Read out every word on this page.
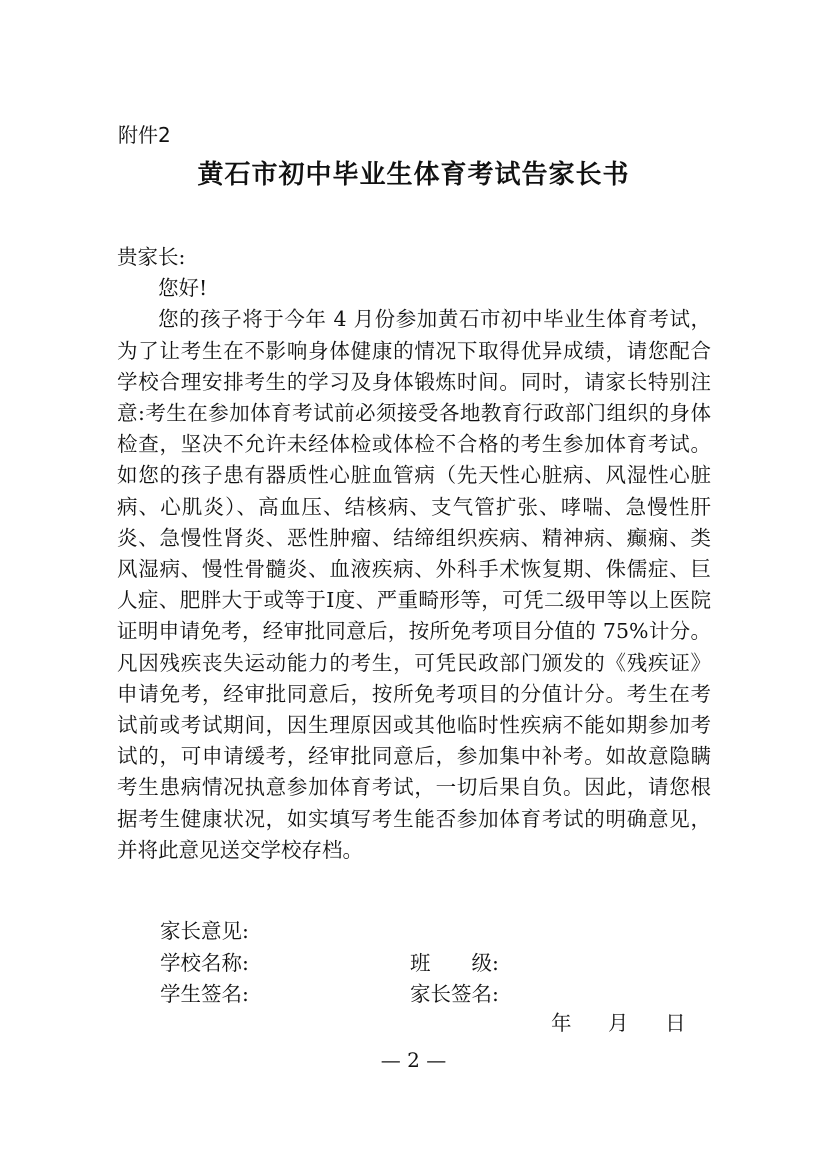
附件2
黄石市初中毕业生体育考试告家长书

贵家长:

您好!

您的孩子将于今年 4 月份参加黄石市初中毕业生体育考试，为了让考生在不影响身体健康的情况下取得优异成绩，请您配合学校合理安排考生的学习及身体锻炼时间。同时，请家长特别注意:考生在参加体育考试前必须接受各地教育行政部门组织的身体检查，坚决不允许未经体检或体检不合格的考生参加体育考试。如您的孩子患有器质性心脏血管病（先天性心脏病、风湿性心脏病、心肌炎）、高血压、结核病、支气管扩张、哮喘、急慢性肝炎、急慢性肾炎、恶性肿瘤、结缔组织疾病、精神病、癫痫、类风湿病、慢性骨髓炎、血液疾病、外科手术恢复期、侏儒症、巨人症、肥胖大于或等于Ⅰ度、严重畸形等，可凭二级甲等以上医院证明申请免考，经审批同意后，按所免考项目分值的 75%计分。凡因残疾丧失运动能力的考生，可凭民政部门颁发的《残疾证》申请免考，经审批同意后，按所免考项目的分值计分。考生在考试前或考试期间，因生理原因或其他临时性疾病不能如期参加考试的，可申请缓考，经审批同意后，参加集中补考。如故意隐瞒考生患病情况执意参加体育考试，一切后果自负。因此，请您根据考生健康状况，如实填写考生能否参加体育考试的明确意见，并将此意见送交学校存档。

家长意见:
学校名称:	班　　级:
学生签名:	家长签名:
年 月 日
— 2 —
